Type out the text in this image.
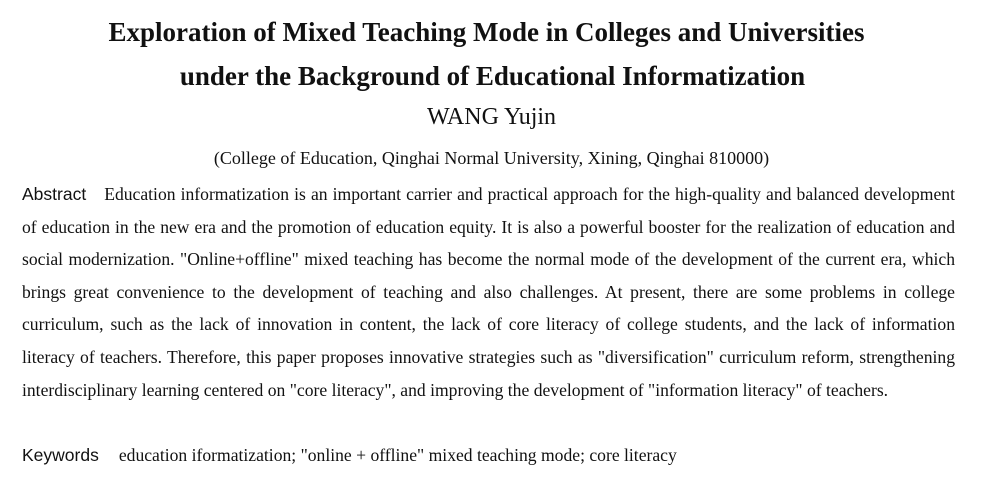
Exploration of Mixed Teaching Mode in Colleges and Universities
under the Background of Educational Informatization
WANG Yujin
(College of Education, Qinghai Normal University, Xining, Qinghai 810000)

Abstract Education informatization is an important carrier and practical approach for the high-quality and balanced development of education in the new era and the promotion of education equity. It is also a powerful booster for the realization of education and social modernization. "Online+offline" mixed teaching has become the normal mode of the development of the current era, which brings great convenience to the development of teaching and also challenges. At present, there are some problems in college curriculum, such as the lack of innovation in content, the lack of core literacy of college students, and the lack of information literacy of teachers. Therefore, this paper proposes innovative strategies such as "diversification" curriculum reform, strengthening interdisciplinary learning centered on "core literacy", and improving the development of "information literacy" of teachers.

Keywords education iformatization; "online + offline" mixed teaching mode; core literacy
